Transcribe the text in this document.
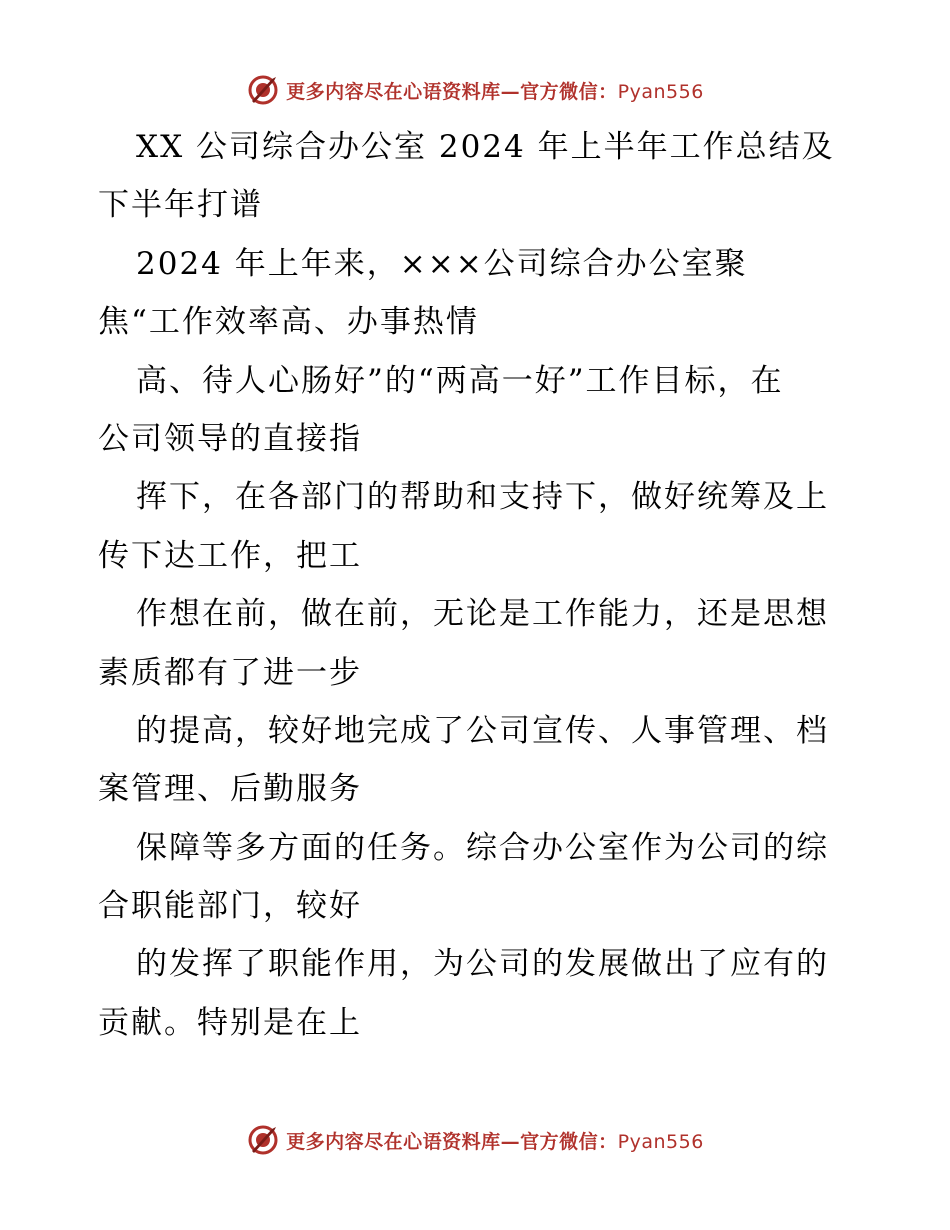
更多内容尽在心语资料库—官方微信：Pyan556
XX 公司综合办公室 2024 年上半年工作总结及
下半年打谱
2024 年上年来，×××公司综合办公室聚
焦“工作效率高、办事热情
高、待人心肠好”的“两高一好”工作目标，在
公司领导的直接指
挥下，在各部门的帮助和支持下，做好统筹及上
传下达工作，把工
作想在前，做在前，无论是工作能力，还是思想
素质都有了进一步
的提高，较好地完成了公司宣传、人事管理、档
案管理、后勤服务
保障等多方面的任务。综合办公室作为公司的综
合职能部门，较好
的发挥了职能作用，为公司的发展做出了应有的
贡献。特别是在上
更多内容尽在心语资料库—官方微信：Pyan556
